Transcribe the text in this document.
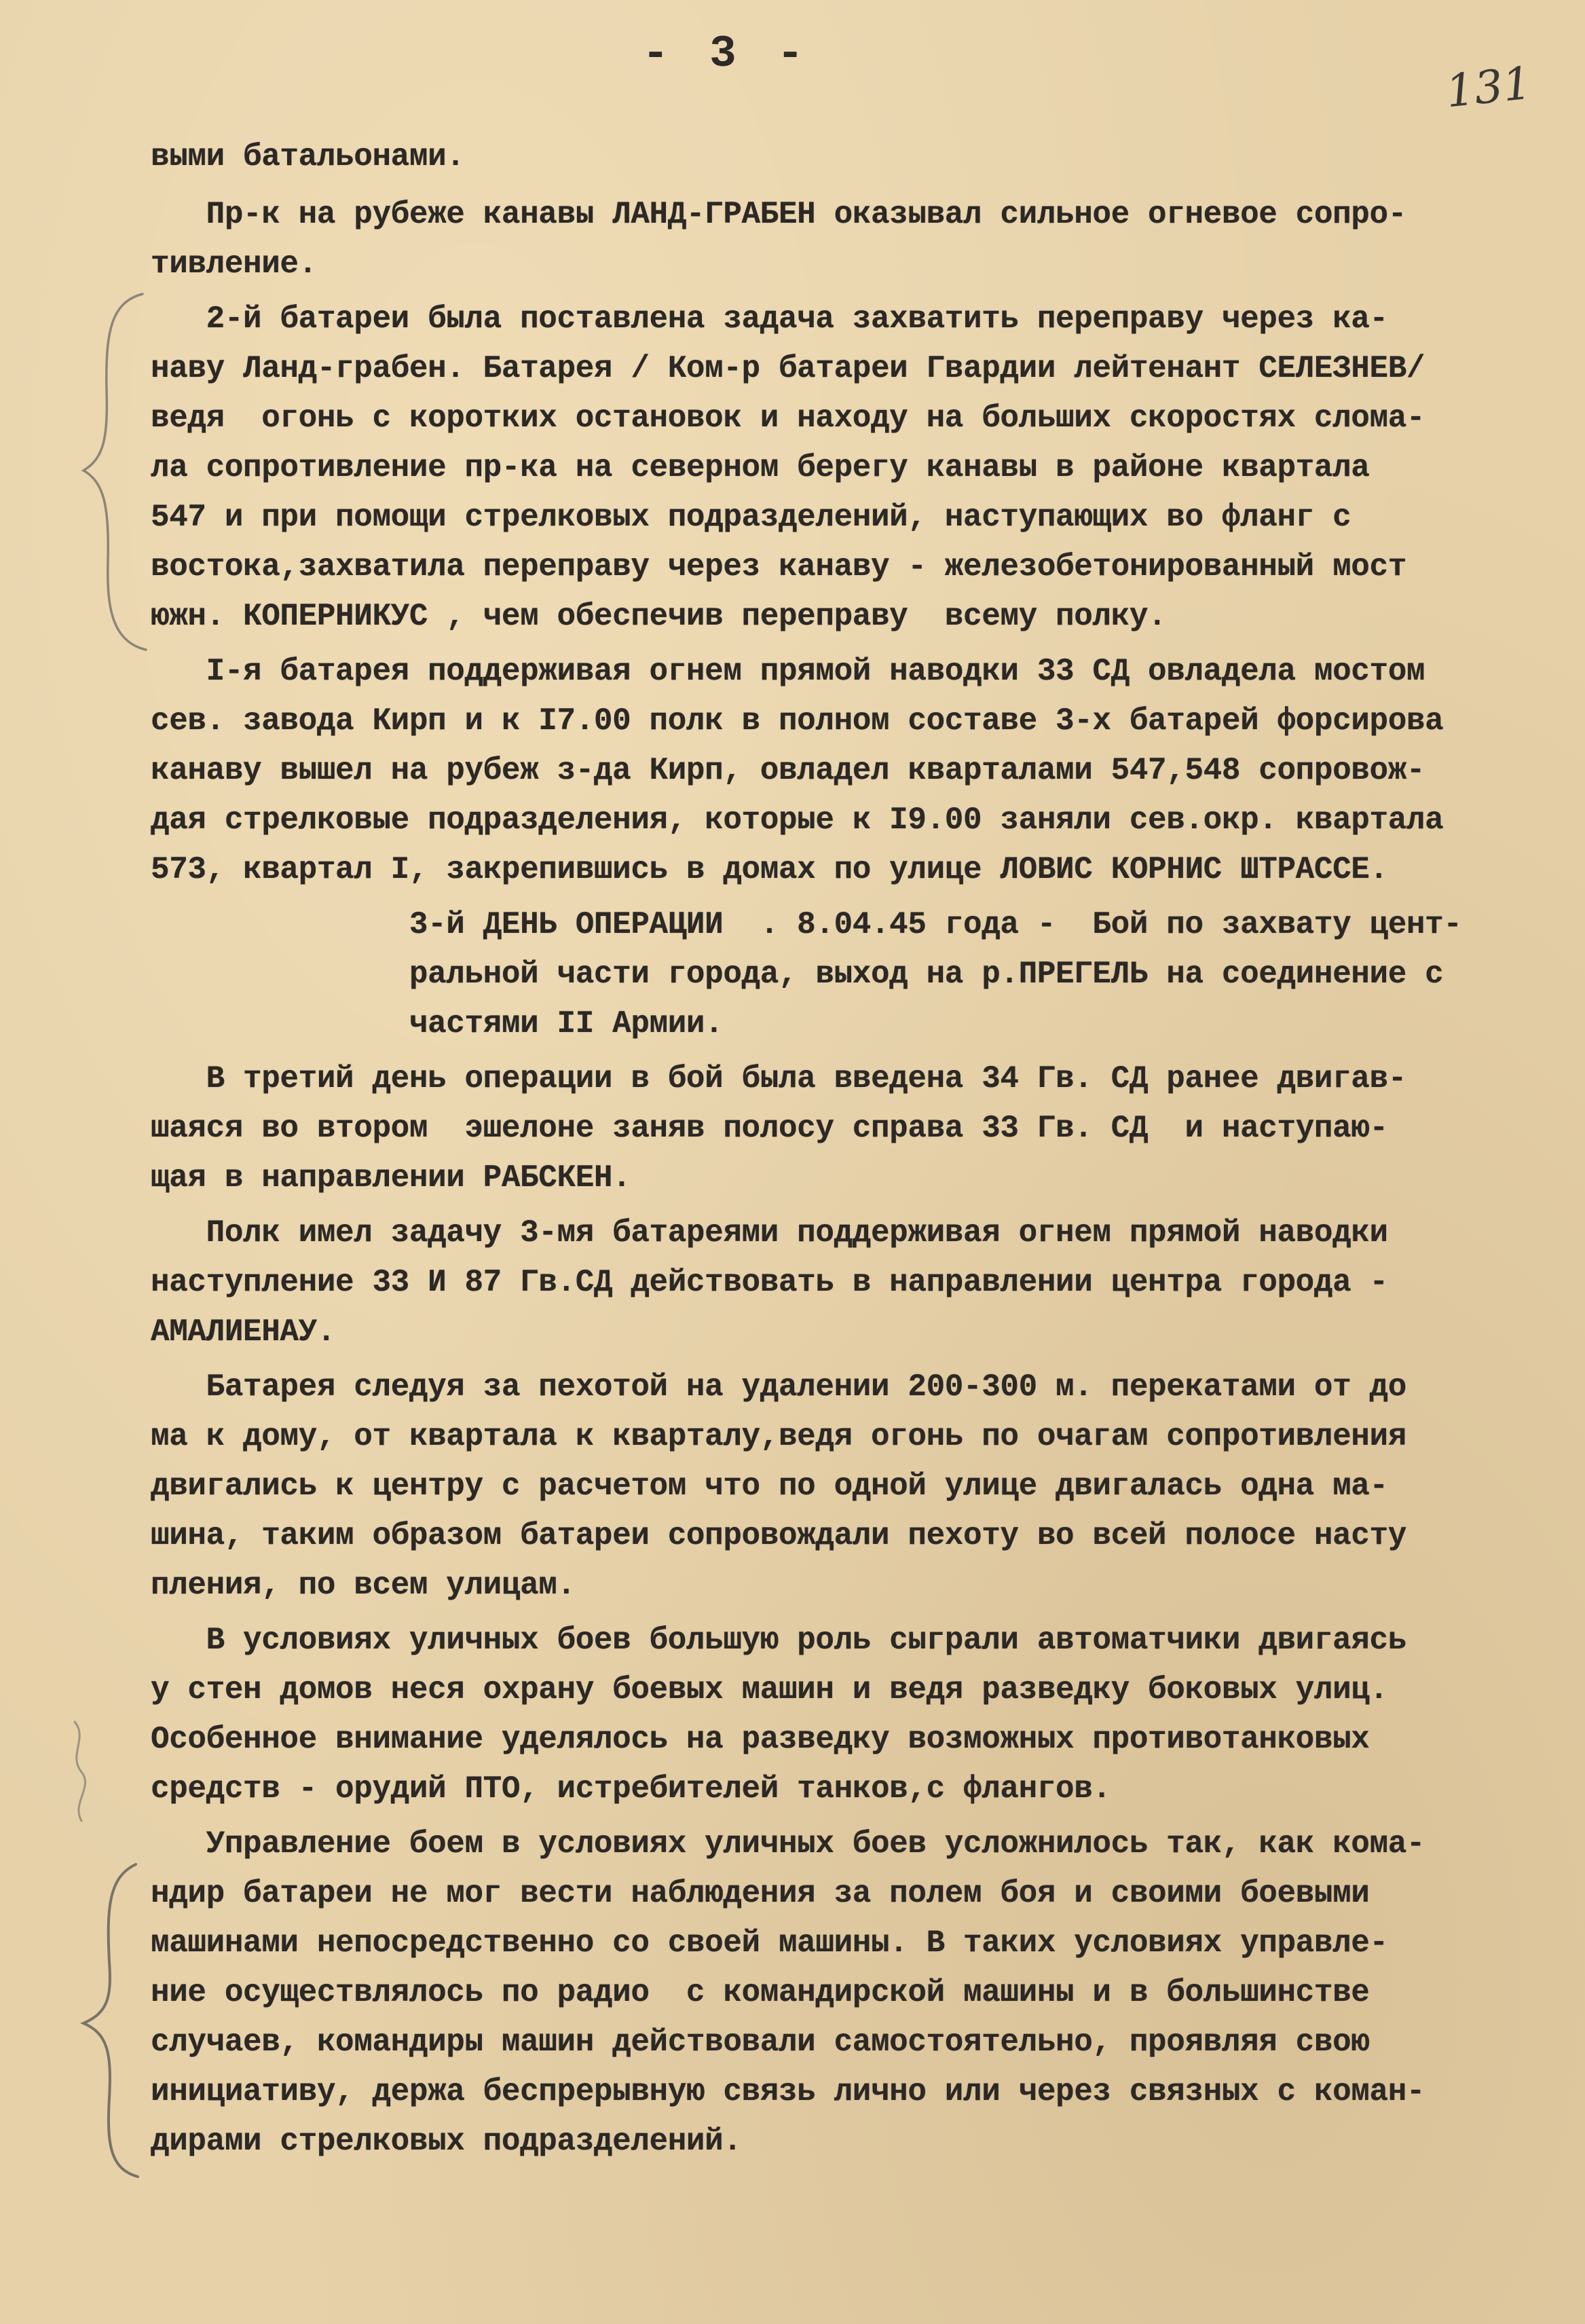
- 3 -
131
выми батальонами.
Пр-к на рубеже канавы ЛАНД-ГРАБЕН оказывал сильное огневое сопро-
тивление.
2-й батареи была поставлена задача захватить переправу через ка-
наву Ланд-грабен. Батарея / Ком-р батареи Гвардии лейтенант СЕЛЕЗНЕВ/
ведя  огонь с коротких остановок и находу на больших скоростях слома-
ла сопротивление пр-ка на северном берегу канавы в районе квартала
547 и при помощи стрелковых подразделений, наступающих во фланг с
востока,захватила переправу через канаву - железобетонированный мост
южн. КОПЕРНИКУС , чем обеспечив переправу  всему полку.
I-я батарея поддерживая огнем прямой наводки 33 СД овладела мостом
сев. завода Кирп и к I7.00 полк в полном составе 3-х батарей форсирова
канаву вышел на рубеж з-да Кирп, овладел кварталами 547,548 сопровож-
дая стрелковые подразделения, которые к I9.00 заняли сев.окр. квартала
573, квартал I, закрепившись в домах по улице ЛОВИС КОРНИС ШТРАССЕ.
3-й ДЕНЬ ОПЕРАЦИИ  . 8.04.45 года -  Бой по захвату цент-
ральной части города, выход на р.ПРЕГЕЛЬ на соединение с
частями II Армии.
В третий день операции в бой была введена 34 Гв. СД ранее двигав-
шаяся во втором  эшелоне заняв полосу справа 33 Гв. СД  и наступаю-
щая в направлении РАБСКЕН.
Полк имел задачу 3-мя батареями поддерживая огнем прямой наводки
наступление 33 И 87 Гв.СД действовать в направлении центра города -
АМАЛИЕНАУ.
Батарея следуя за пехотой на удалении 200-300 м. перекатами от до
ма к дому, от квартала к кварталу,ведя огонь по очагам сопротивления
двигались к центру с расчетом что по одной улице двигалась одна ма-
шина, таким образом батареи сопровождали пехоту во всей полосе насту
пления, по всем улицам.
В условиях уличных боев большую роль сыграли автоматчики двигаясь
у стен домов неся охрану боевых машин и ведя разведку боковых улиц.
Особенное внимание уделялось на разведку возможных противотанковых
средств - орудий ПТО, истребителей танков,с флангов.
Управление боем в условиях уличных боев усложнилось так, как кома-
ндир батареи не мог вести наблюдения за полем боя и своими боевыми
машинами непосредственно со своей машины. В таких условиях управле-
ние осуществлялось по радио  с командирской машины и в большинстве
случаев, командиры машин действовали самостоятельно, проявляя свою
инициативу, держа беспрерывную связь лично или через связных с коман-
дирами стрелковых подразделений.
